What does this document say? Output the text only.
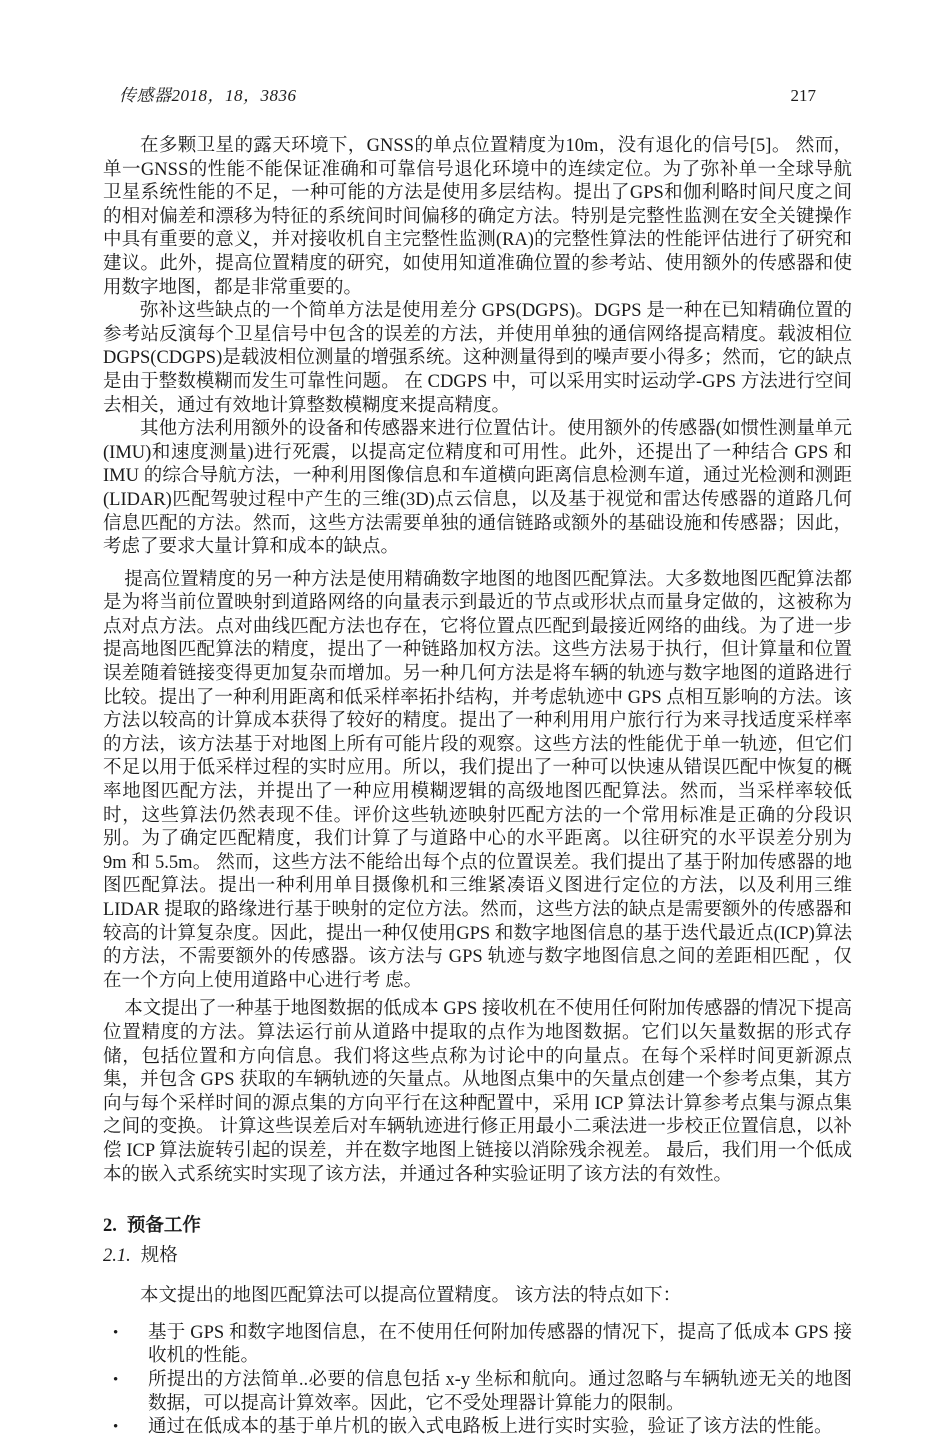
传感器2018，18，3836	217

在多颗卫星的露天环境下，GNSS的单点位置精度为10m，没有退化的信号[5]。 然而，单一GNSS的性能不能保证准确和可靠信号退化环境中的连续定位。为了弥补单一全球导航卫星系统性能的不足，一种可能的方法是使用多层结构。提出了GPS和伽利略时间尺度之间的相对偏差和漂移为特征的系统间时间偏移的确定方法。特别是完整性监测在安全关键操作中具有重要的意义，并对接收机自主完整性监测(RA)的完整性算法的性能评估进行了研究和建议。此外，提高位置精度的研究，如使用知道准确位置的参考站、使用额外的传感器和使用数字地图，都是非常重要的。

弥补这些缺点的一个简单方法是使用差分 GPS(DGPS)。DGPS 是一种在已知精确位置的参考站反演每个卫星信号中包含的误差的方法，并使用单独的通信网络提高精度。载波相位 DGPS(CDGPS)是载波相位测量的增强系统。这种测量得到的噪声要小得多；然而，它的缺点是由于整数模糊而发生可靠性问题。 在 CDGPS 中，可以采用实时运动学-GPS 方法进行空间去相关，通过有效地计算整数模糊度来提高精度。

其他方法利用额外的设备和传感器来进行位置估计。使用额外的传感器(如惯性测量单元(IMU)和速度测量)进行死震，以提高定位精度和可用性。此外，还提出了一种结合 GPS 和 IMU 的综合导航方法，一种利用图像信息和车道横向距离信息检测车道，通过光检测和测距(LIDAR)匹配驾驶过程中产生的三维(3D)点云信息，以及基于视觉和雷达传感器的道路几何信息匹配的方法。然而，这些方法需要单独的通信链路或额外的基础设施和传感器；因此，考虑了要求大量计算和成本的缺点。

提高位置精度的另一种方法是使用精确数字地图的地图匹配算法。大多数地图匹配算法都是为将当前位置映射到道路网络的向量表示到最近的节点或形状点而量身定做的，这被称为点对点方法。点对曲线匹配方法也存在，它将位置点匹配到最接近网络的曲线。为了进一步提高地图匹配算法的精度，提出了一种链路加权方法。这些方法易于执行，但计算量和位置误差随着链接变得更加复杂而增加。另一种几何方法是将车辆的轨迹与数字地图的道路进行比较。提出了一种利用距离和低采样率拓扑结构，并考虑轨迹中 GPS 点相互影响的方法。该方法以较高的计算成本获得了较好的精度。提出了一种利用用户旅行行为来寻找适度采样率的方法，该方法基于对地图上所有可能片段的观察。这些方法的性能优于单一轨迹，但它们不足以用于低采样过程的实时应用。所以，我们提出了一种可以快速从错误匹配中恢复的概率地图匹配方法，并提出了一种应用模糊逻辑的高级地图匹配算法。然而，当采样率较低时，这些算法仍然表现不佳。评价这些轨迹映射匹配方法的一个常用标准是正确的分段识别。为了确定匹配精度，我们计算了与道路中心的水平距离。以往研究的水平误差分别为 9m 和 5.5m。 然而，这些方法不能给出每个点的位置误差。我们提出了基于附加传感器的地图匹配算法。提出一种利用单目摄像机和三维紧凑语义图进行定位的方法，以及利用三维 LIDAR 提取的路缘进行基于映射的定位方法。然而，这些方法的缺点是需要额外的传感器和较高的计算复杂度。因此，提出一种仅使用GPS 和数字地图信息的基于迭代最近点(ICP)算法的方法，不需要额外的传感器。该方法与 GPS 轨迹与数字地图信息之间的差距相匹配 ，仅在一个方向上使用道路中心进行考 虑。

本文提出了一种基于地图数据的低成本 GPS 接收机在不使用任何附加传感器的情况下提高位置精度的方法。算法运行前从道路中提取的点作为地图数据。它们以矢量数据的形式存储，包括位置和方向信息。我们将这些点称为讨论中的向量点。在每个采样时间更新源点集，并包含 GPS 获取的车辆轨迹的矢量点。从地图点集中的矢量点创建一个参考点集，其方向与每个采样时间的源点集的方向平行在这种配置中，采用 ICP 算法计算参考点集与源点集之间的变换。 计算这些误差后对车辆轨迹进行修正用最小二乘法进一步校正位置信息，以补偿 ICP 算法旋转引起的误差，并在数字地图上链接以消除残余视差。 最后，我们用一个低成本的嵌入式系统实时实现了该方法，并通过各种实验证明了该方法的有效性。

2. 预备工作
2.1. 规格

本文提出的地图匹配算法可以提高位置精度。 该方法的特点如下：

• 基于 GPS 和数字地图信息，在不使用任何附加传感器的情况下，提高了低成本 GPS 接收机的性能。
• 所提出的方法简单..必要的信息包括 x-y 坐标和航向。通过忽略与车辆轨迹无关的地图数据，可以提高计算效率。因此，它不受处理器计算能力的限制。
• 通过在低成本的基于单片机的嵌入式电路板上进行实时实验，验证了该方法的性能。
